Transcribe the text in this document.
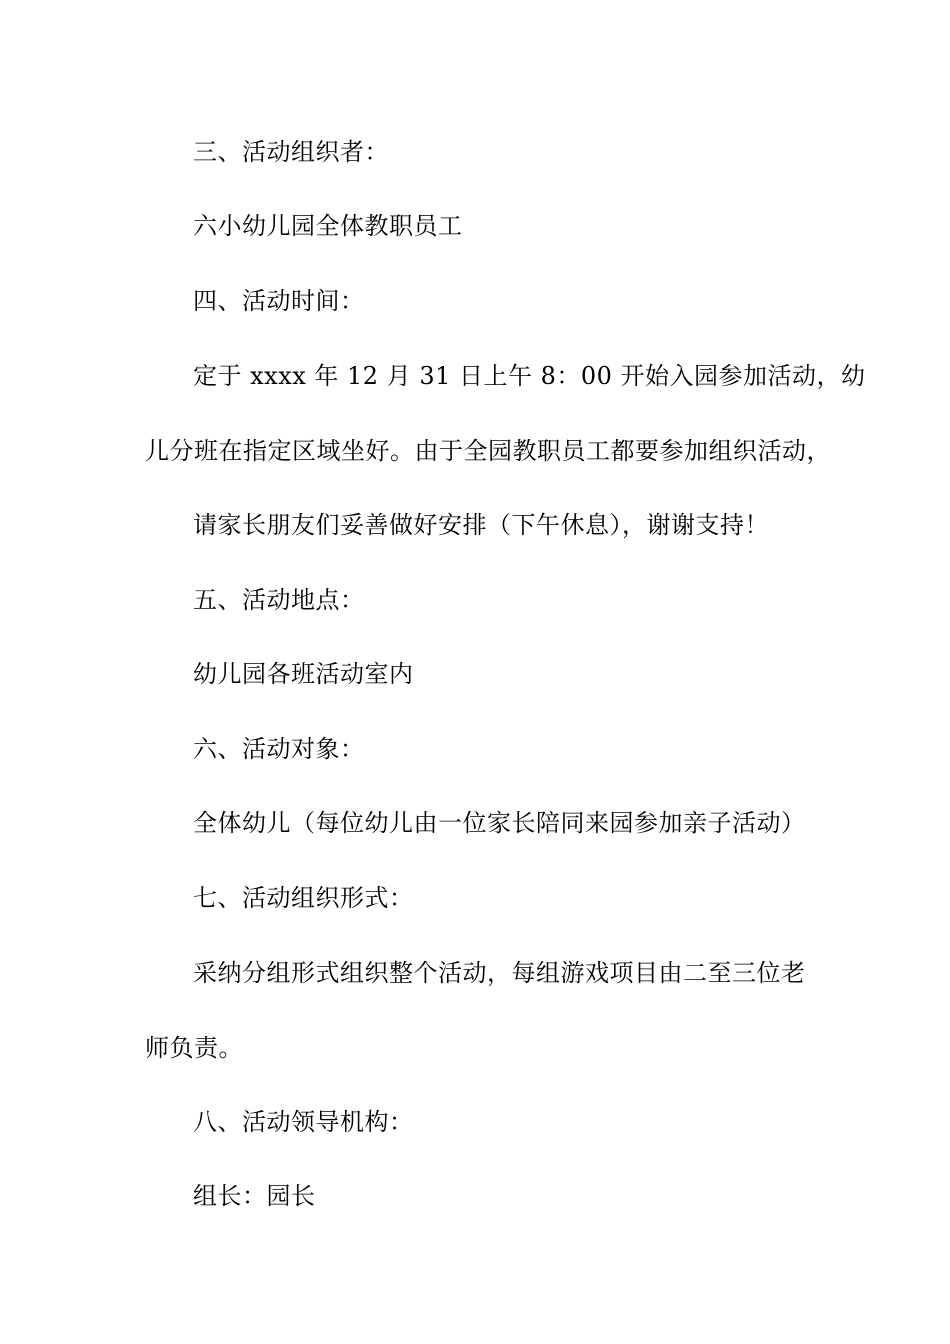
三、活动组织者：
六小幼儿园全体教职员工
四、活动时间：
定于 xxxx 年 12 月 31 日上午 8：00 开始入园参加活动，幼
儿分班在指定区域坐好。由于全园教职员工都要参加组织活动，
请家长朋友们妥善做好安排（下午休息），谢谢支持！
五、活动地点：
幼儿园各班活动室内
六、活动对象：
全体幼儿（每位幼儿由一位家长陪同来园参加亲子活动）
七、活动组织形式：
采纳分组形式组织整个活动，每组游戏项目由二至三位老
师负责。
八、活动领导机构：
组长：园长
